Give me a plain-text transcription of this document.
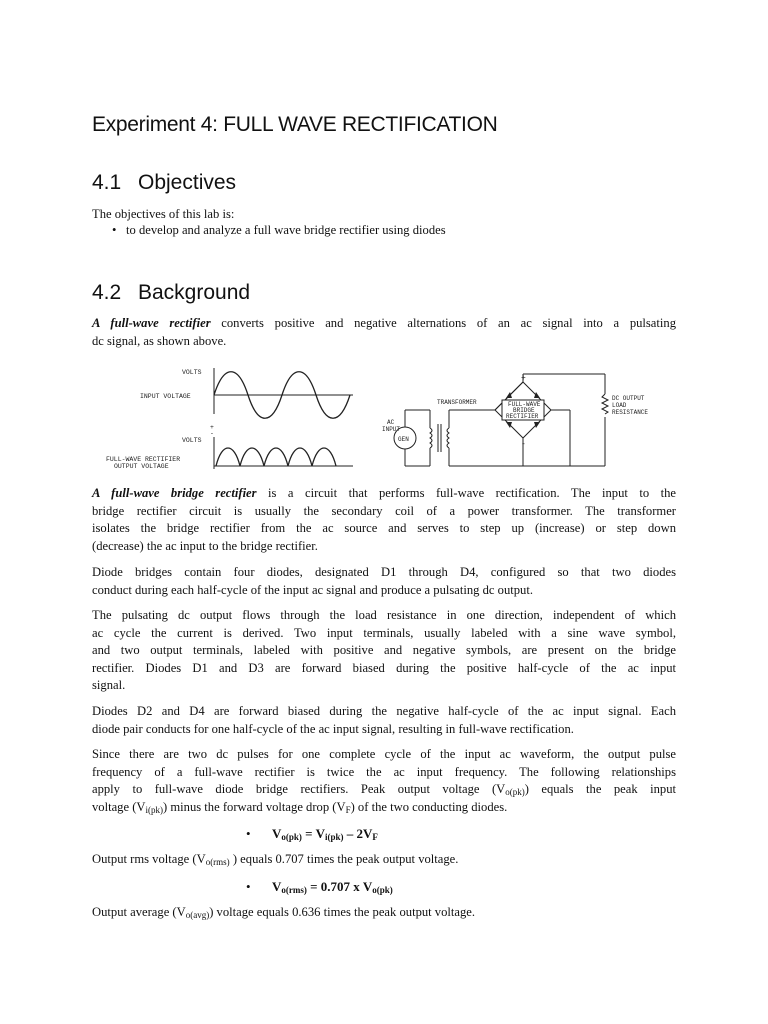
Experiment 4: FULL WAVE RECTIFICATION
4.1 Objectives
The objectives of this lab is:
• to develop and analyze a full wave bridge rectifier using diodes
4.2 Background
A full-wave rectifier converts positive and negative alternations of an ac signal into a pulsating
dc signal, as shown above.
VOLTS
INPUT VOLTAGE
+
VOLTS
-
FULL-WAVE RECTIFIER
OUTPUT VOLTAGE
TRANSFORMER
AC
INPUT
GEN
FULL-WAVE
BRIDGE
RECTIFIER
DC OUTPUT
LOAD
RESISTANCE
+
-
A full-wave bridge rectifier is a circuit that performs full-wave rectification. The input to the
bridge rectifier circuit is usually the secondary coil of a power transformer. The transformer
isolates the bridge rectifier from the ac source and serves to step up (increase) or step down
(decrease) the ac input to the bridge rectifier.
Diode bridges contain four diodes, designated D1 through D4, configured so that two diodes
conduct during each half-cycle of the input ac signal and produce a pulsating dc output.
The pulsating dc output flows through the load resistance in one direction, independent of which
ac cycle the current is derived. Two input terminals, usually labeled with a sine wave symbol,
and two output terminals, labeled with positive and negative symbols, are present on the bridge
rectifier. Diodes D1 and D3 are forward biased during the positive half-cycle of the ac input
signal.
Diodes D2 and D4 are forward biased during the negative half-cycle of the ac input signal. Each
diode pair conducts for one half-cycle of the ac input signal, resulting in full-wave rectification.
Since there are two dc pulses for one complete cycle of the input ac waveform, the output pulse
frequency of a full-wave rectifier is twice the ac input frequency. The following relationships
apply to full-wave diode bridge rectifiers. Peak output voltage $(V_{o(pk)})$ equals the peak input
voltage $(V_{i(pk)})$ minus the forward voltage drop $(V_F)$ of the two conducting diodes.
• $V_{o(pk)} = V_{i(pk)} - 2V_F$
Output rms voltage ($V_{o(rms)}$ ) equals 0.707 times the peak output voltage.
• $V_{o(rms)} = 0.707$ x $V_{o(pk)}$
Output average $(V_{o(avg)})$ voltage equals 0.636 times the peak output voltage.
